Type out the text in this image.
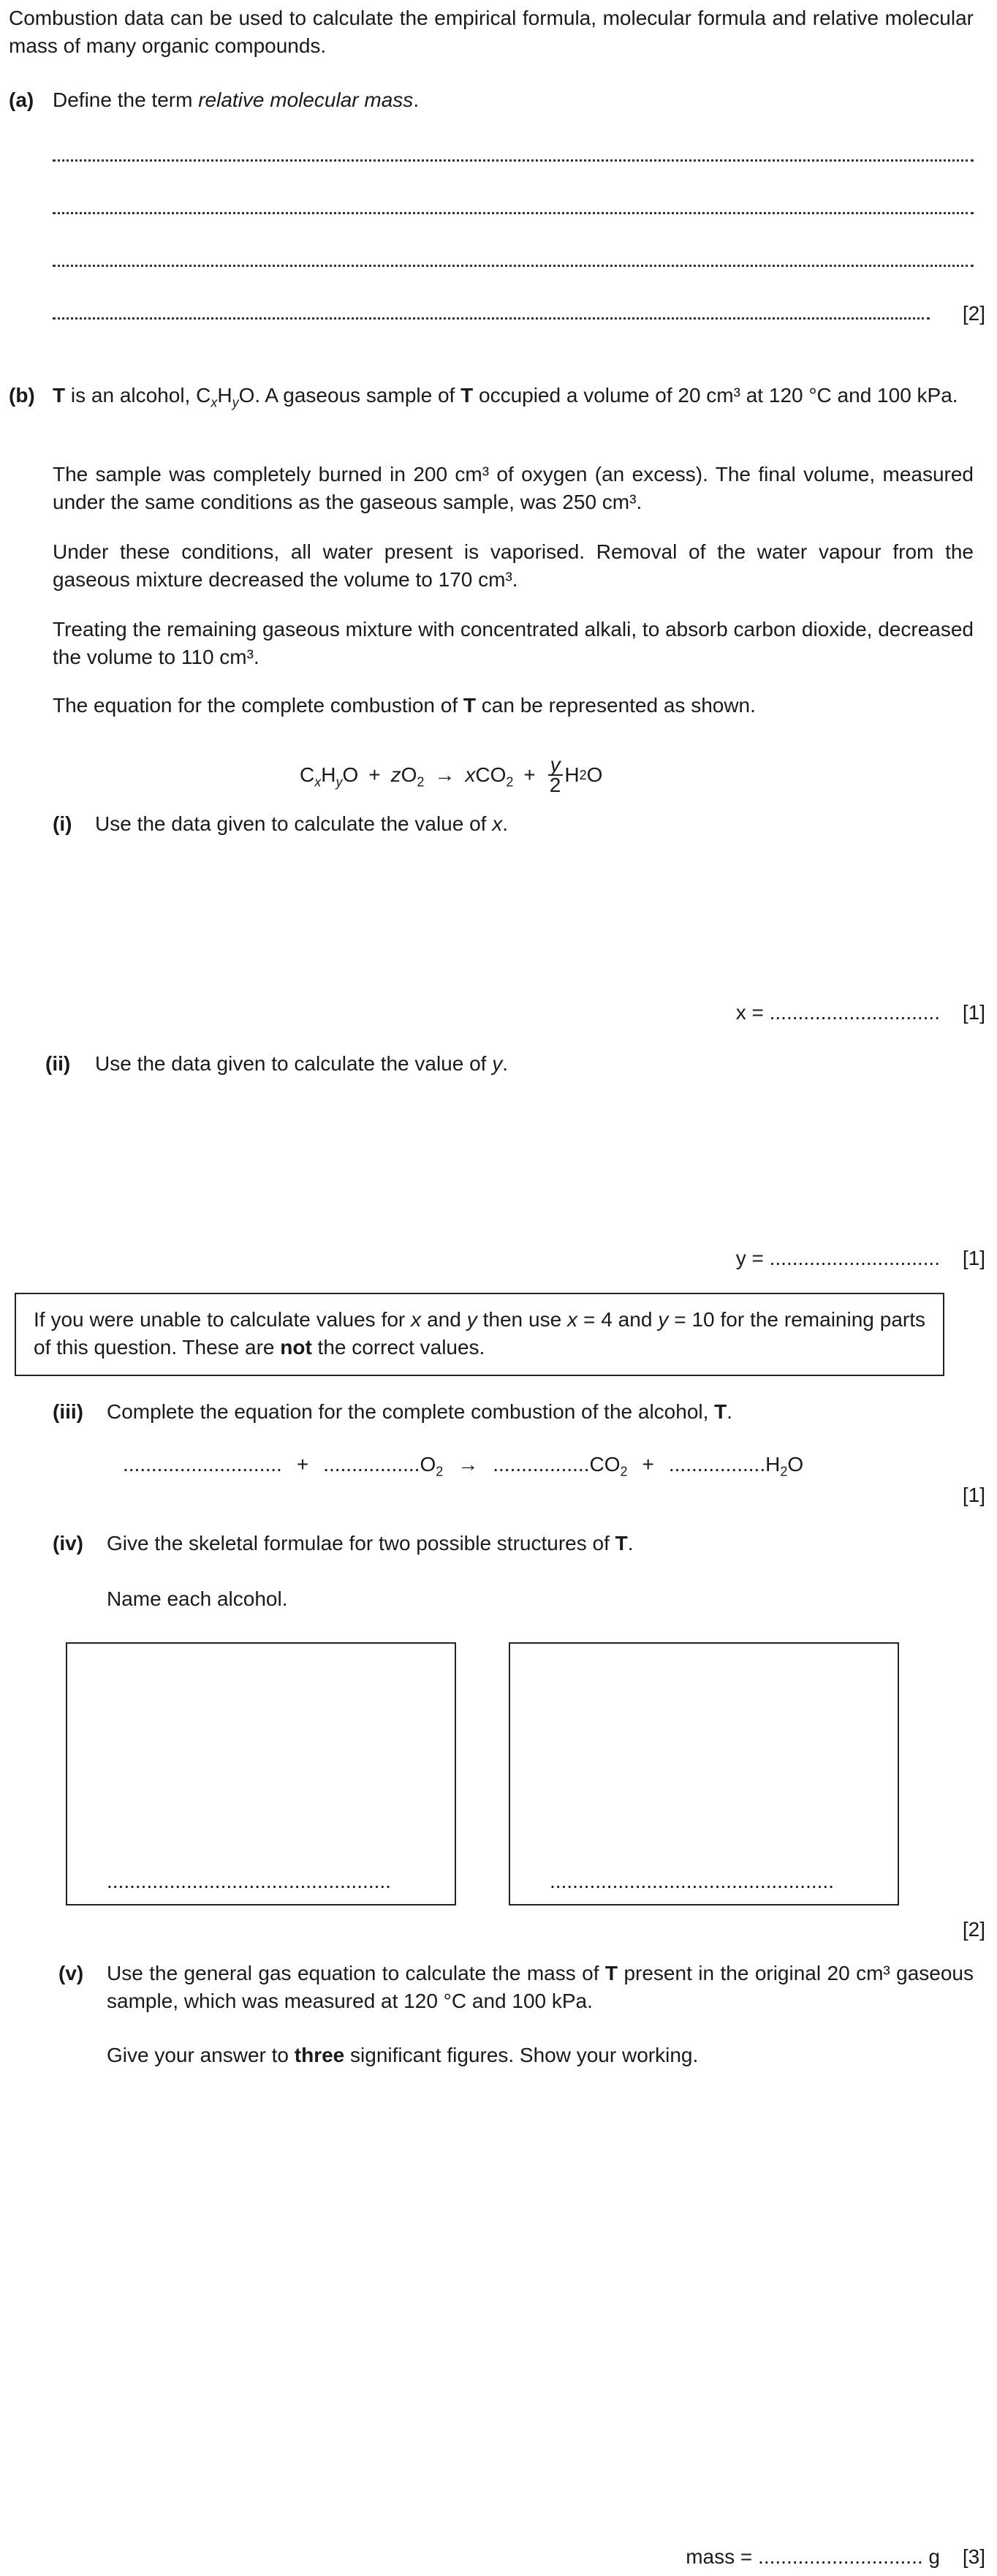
Combustion data can be used to calculate the empirical formula, molecular formula and relative molecular mass of many organic compounds.

(a) Define the term relative molecular mass.

[2]
(b) T is an alcohol, $C_xH_yO$. A gaseous sample of T occupied a volume of 20 cm³ at 120 °C and 100 kPa.

The sample was completely burned in 200 cm³ of oxygen (an excess). The final volume, measured under the same conditions as the gaseous sample, was 250 cm³.

Under these conditions, all water present is vaporised. Removal of the water vapour from the gaseous mixture decreased the volume to 170 cm³.

Treating the remaining gaseous mixture with concentrated alkali, to absorb carbon dioxide, decreased the volume to 110 cm³.

The equation for the complete combustion of T can be represented as shown.

$C_xH_yO + zO_2 \to xCO_2 + \frac{y}{2}$ H 2 O
(i) Use the data given to calculate the value of x.

x = .............................. [1]
(ii) Use the data given to calculate the value of y.

y = .............................. [1]

If you were unable to calculate values for x and y then use x = 4 and y = 10 for the remaining parts of this question. These are not the correct values.

(iii) Complete the equation for the complete combustion of the alcohol, T.

............................ + $.................O_2 \to .................CO_2 + .................H_2O$
[1]
(iv) Give the skeletal formulae for two possible structures of T.

Name each alcohol.

..................................................	..................................................
[2]
(v) Use the general gas equation to calculate the mass of T present in the original 20 cm³ gaseous sample, which was measured at 120 °C and 100 kPa.

Give your answer to three significant figures. Show your working.

mass = ............................. g [3]
